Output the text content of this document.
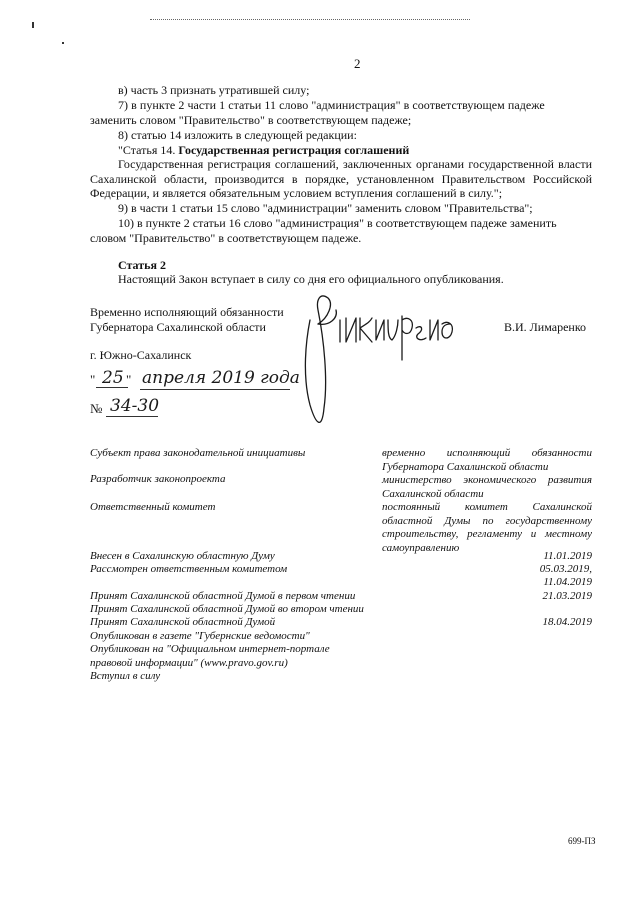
2
в) часть 3 признать утратившей силу;
7) в пункте 2 части 1 статьи 11 слово "администрация" в соответствующем падеже
заменить словом "Правительство" в соответствующем падеже;
8) статью 14 изложить в следующей редакции:
"Статья 14. Государственная регистрация соглашений
Государственная регистрация соглашений, заключенных органами государственной власти Сахалинской области, производится в порядке, установленном Правительством Российской Федерации, и является обязательным условием вступления соглашений в силу.";
9) в части 1 статьи 15 слово "администрации" заменить словом "Правительства";
10) в пункте 2 статьи 16 слово "администрация" в соответствующем падеже заменить
словом "Правительство" в соответствующем падеже.
Статья 2
Настоящий Закон вступает в силу со дня его официального опубликования.
Временно исполняющий обязанности
Губернатора Сахалинской области	В.И. Лимаренко
г. Южно-Сахалинск
" 25 " апреля 2019 года
№ 34-30
Субъект права законодательной инициативы	временно исполняющий обязанности Губернатора Сахалинской области
Разработчик законопроекта	министерство экономического развития Сахалинской области
Ответственный комитет	постоянный комитет Сахалинской областной Думы по государственному строительству, регламенту и местному самоуправлению
Внесен в Сахалинскую областную Думу	11.01.2019
Рассмотрен ответственным комитетом	05.03.2019,
11.04.2019
Принят Сахалинской областной Думой в первом чтении	21.03.2019
Принят Сахалинской областной Думой во втором чтении
Принят Сахалинской областной Думой	18.04.2019
Опубликован в газете "Губернские ведомости"
Опубликован на "Официальном интернет-портале правовой информации" (www.pravo.gov.ru)
Вступил в силу
699-ПЗ
